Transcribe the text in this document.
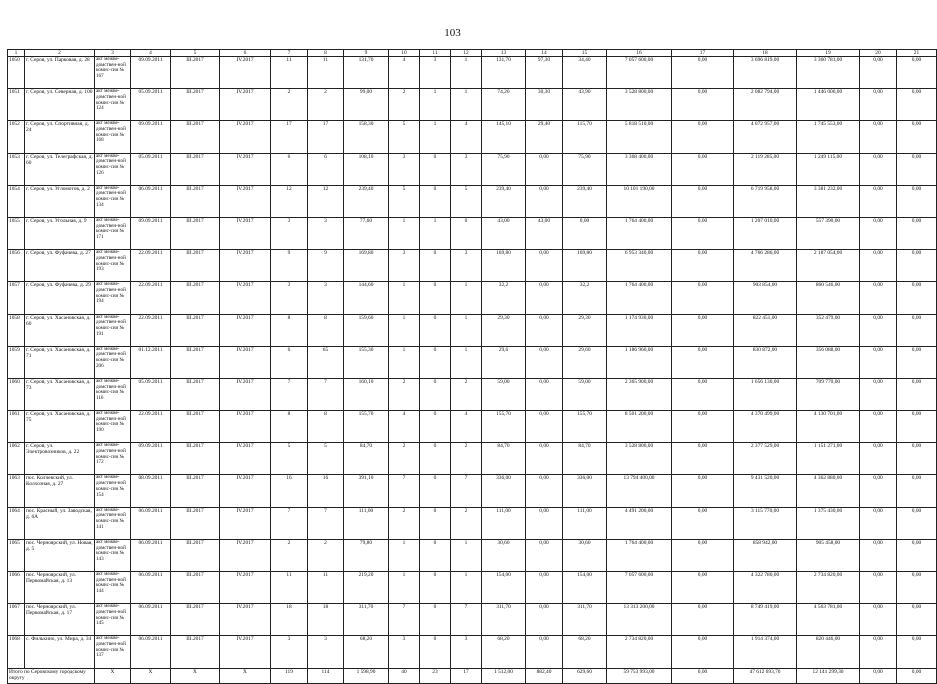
103
1	2	3	4	5	6	7	8	9	10	11	12	13	14	15	16	17	18	19	20	21
1050	г. Серов, ул. Парковая, д. 28	акт межве-домствен-ной комис-сии № 167	09.09.2011	III.2017	IV.2017	11	11	131,70	4	3	1	131,70	97,30	34,40	7 057 600,00	0,00	3 696 819,00	3 360 781,00	0,00	0,00
1051	г. Серов, ул. Северная, д. 100	акт межве-домствен-ной комис-сии № 124	05.09.2011	III.2017	IV.2017	2	2	99,00	2	1	1	74,20	30,30	43,90	3 528 800,00	0,00	2 082 794,00	1 446 006,00	0,00	0,00
1052	г. Серов, ул. Спортивная, д. 24	акт межве-домствен-ной комис-сии № 168	09.09.2011	III.2017	IV.2017	17	17	158,30	5	1	4	145,10	29,40	115,70	5 818 510,00	0,00	4 072 957,00	1 745 553,00	0,00	0,00
1053	г. Серов, ул. Телеграфская, д. 60	акт межве-домствен-ной комис-сии № 126	05.09.2011	III.2017	IV.2017	6	6	108,10	3	0	3	75,90	0,00	75,90	3 368 400,00	0,00	2 119 285,00	1 249 115,00	0,00	0,00
1054	г. Серов, ул. Угломотов, д. 2	акт межве-домствен-ной комис-сии № 134	06.09.2011	III.2017	IV.2017	12	12	239,40	5	0	5	239,40	0,00	239,40	10 101 190,00	0,00	6 719 958,00	3 381 232,00	0,00	0,00
1055	г. Серов, ул. Угольная, д. 9	акт межве-домствен-ной комис-сии № 171	09.09.2011	III.2017	IV.2017	3	3	77,60	1	1	0	43,00	43,00	0,00	1 764 400,00	0,00	1 207 010,00	557 390,00	0,00	0,00
1056	г. Серов, ул. Фуфачева, д. 27	акт межве-домствен-ной комис-сии № 193	22.09.2011	III.2017	IV.2017	9	9	169,80	3	0	3	169,80	0,00	169,80	6 953 340,00	0,00	4 766 286,00	2 187 054,00	0,00	0,00
1057	г. Серов, ул. Фуфачева, д. 29	акт межве-домствен-ной комис-сии № 194	22.09.2011	III.2017	IV.2017	3	3	144,60	1	0	1	32,2	0,00	32,2	1 764 400,00	0,00	903 854,00	860 546,00	0,00	0,00
1058	г. Серов, ул. Хасановская, д. 60	акт межве-домствен-ной комис-сии № 191	22.09.2011	III.2017	IV.2017	8	8	159,60	1	0	1	29,30	0,00	29,30	1 174 930,00	0,00	822 451,00	352 479,00	0,00	0,00
1059	г. Серов, ул. Хасановская, д. 71	акт межве-домствен-ной комис-сии № 206	01.12.2011	III.2017	IV.2017	6	65	155,30	1	0	1	29,6	0,00	29,60	1 186 960,00	0,00	830 872,00	356 088,00	0,00	0,00
1060	г. Серов, ул. Хасановская, д. 73	акт межве-домствен-ной комис-сии № 116	05.09.2011	III.2017	IV.2017	7	7	160,10	2	0	2	59,00	0,00	59,00	2 365 900,00	0,00	1 656 130,00	709 770,00	0,00	0,00
1061	г. Серов, ул. Хасановская, д. 75	акт межве-домствен-ной комис-сии № 190	22.09.2011	III.2017	IV.2017	8	8	155,70	4	0	4	155,70	0,00	155,70	8 501 200,00	0,00	4 370 499,00	4 130 701,00	0,00	0,00
1062	г. Серов, ул. Электровозников, д. 22	акт межве-домствен-ной комис-сии № 172	09.09.2011	III.2017	IV.2017	5	5	84,70	2	0	2	84,70	0,00	84,70	3 528 800,00	0,00	2 377 529,00	1 151 271,00	0,00	0,00
1063	пос. Колчевский, ул. Колхозная, д. 27	акт межве-домствен-ной комис-сии № 154	08.09.2011	III.2017	IV.2017	16	16	391,10	7	0	7	336,00	0,00	336,00	13 794 400,00	0,00	9 431 520,00	4 362 880,00	0,00	0,00
1064	пос. Красный, ул. Заводская, д. 6А	акт межве-домствен-ной комис-сии № 141	06.09.2011	III.2017	IV.2017	7	7	111,00	2	0	2	111,00	0,00	111,00	4 491 200,00	0,00	3 115 770,00	1 375 430,00	0,00	0,00
1065	пос. Черноярский, ул. Новая, д. 5	акт межве-домствен-ной комис-сии № 143	06.09.2011	III.2017	IV.2017	2	2	79,80	1	0	1	30,60	0,00	30,60	1 764 400,00	0,00	858 942,00	905 458,00	0,00	0,00
1066	пос. Черноярский, ул. Первомайская, д. 13	акт межве-домствен-ной комис-сии № 144	06.09.2011	III.2017	IV.2017	11	11	219,20	1	0	1	154,00	0,00	154,00	7 057 600,00	0,00	4 322 780,00	2 734 820,00	0,00	0,00
1067	пос. Черноярский, ул. Первомайская, д. 17	акт межве-домствен-ной комис-сии № 145	06.09.2011	III.2017	IV.2017	18	18	311,70	7	0	7	311,70	0,00	311,70	13 313 200,00	0,00	8 749 419,00	4 563 781,00	0,00	0,00
1068	с. Филькино, ул. Мира, д. 34	акт межве-домствен-ной комис-сии № 137	06.09.2011	III.2017	IV.2017	3	3	68,20	3	0	3	68,20	0,00	68,20	2 734 820,00	0,00	1 914 374,00	820 446,00	0,00	0,00
Итого по Серовскому городскому округу		X	X	X	X	119	114	1 598,90	40	23	17	1 512,00	882,40	629,60	59 753 993,00	0,00	47 612 693,70	12 141 299,30	0,00	0,00
